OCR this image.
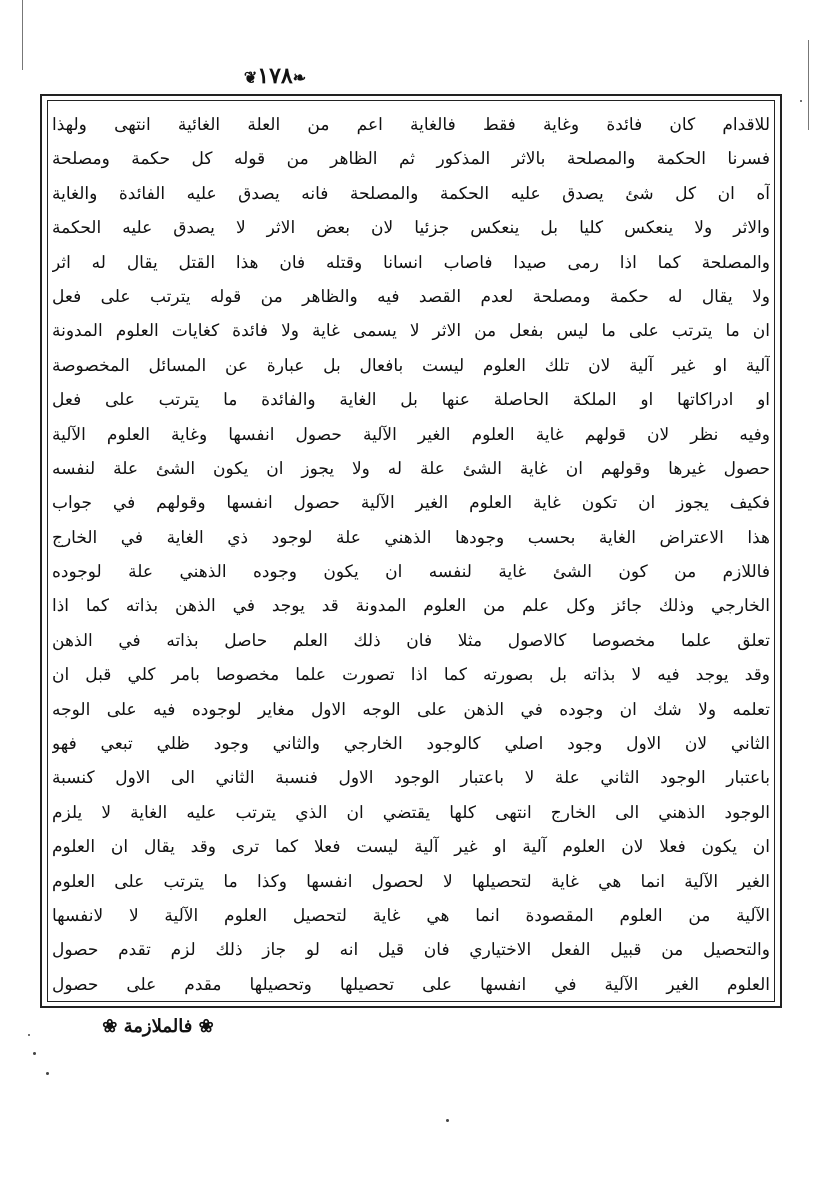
❦١٧٨❧
للاقدام كان فائدة وغاية فقط فالغاية اعم من العلة الغائية انتهى ولهذا
فسرنا الحكمة والمصلحة بالاثر المذكور ثم الظاهر من قوله كل حكمة ومصلحة
آه ان كل شئ يصدق عليه الحكمة والمصلحة فانه يصدق عليه الفائدة والغاية
والاثر ولا ينعكس كليا بل ينعكس جزئيا لان بعض الاثر لا يصدق عليه الحكمة
والمصلحة كما اذا رمى صيدا فاصاب انسانا وقتله فان هذا القتل يقال له اثر
ولا يقال له حكمة ومصلحة لعدم القصد فيه والظاهر من قوله يترتب على فعل
ان ما يترتب على ما ليس بفعل من الاثر لا يسمى غاية ولا فائدة كغايات العلوم المدونة
آلية او غير آلية لان تلك العلوم ليست بافعال بل عبارة عن المسائل المخصوصة
او ادراكاتها او الملكة الحاصلة عنها بل الغاية والفائدة ما يترتب على فعل
وفيه نظر لان قولهم غاية العلوم الغير الآلية حصول انفسها وغاية العلوم الآلية
حصول غيرها وقولهم ان غاية الشئ علة له ولا يجوز ان يكون الشئ علة لنفسه
فكيف يجوز ان تكون غاية العلوم الغير الآلية حصول انفسها وقولهم في جواب
هذا الاعتراض الغاية بحسب وجودها الذهني علة لوجود ذي الغاية في الخارج
فاللازم من كون الشئ غاية لنفسه ان يكون وجوده الذهني علة لوجوده
الخارجي وذلك جائز وكل علم من العلوم المدونة قد يوجد في الذهن بذاته كما اذا
تعلق علما مخصوصا كالاصول مثلا فان ذلك العلم حاصل بذاته في الذهن
وقد يوجد فيه لا بذاته بل بصورته كما اذا تصورت علما مخصوصا بامر كلي قبل ان
تعلمه ولا شك ان وجوده في الذهن على الوجه الاول مغاير لوجوده فيه على الوجه
الثاني لان الاول وجود اصلي كالوجود الخارجي والثاني وجود ظلي تبعي فهو
باعتبار الوجود الثاني علة لا باعتبار الوجود الاول فنسبة الثاني الى الاول كنسبة
الوجود الذهني الى الخارج انتهى كلها يقتضي ان الذي يترتب عليه الغاية لا يلزم
ان يكون فعلا لان العلوم آلية او غير آلية ليست فعلا كما ترى وقد يقال ان العلوم
الغير الآلية انما هي غاية لتحصيلها لا لحصول انفسها وكذا ما يترتب على العلوم
الآلية من العلوم المقصودة انما هي غاية لتحصيل العلوم الآلية لا لانفسها
والتحصيل من قبيل الفعل الاختياري فان قيل انه لو جاز ذلك لزم تقدم حصول
العلوم الغير الآلية في انفسها على تحصيلها وتحصيلها مقدم على حصول
❀ فالملازمة ❀
